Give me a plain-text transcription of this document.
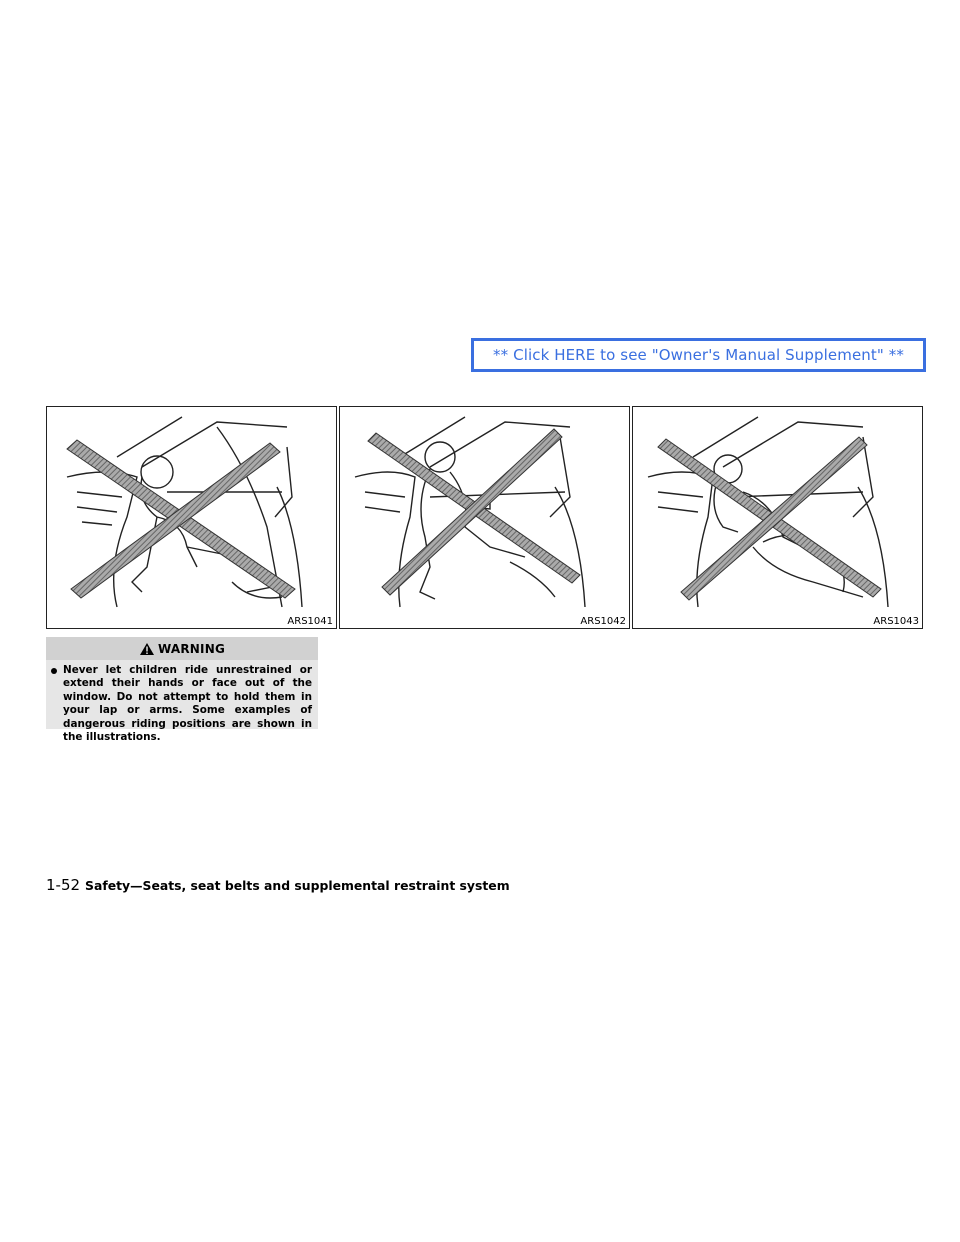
** Click HERE to see "Owner's Manual Supplement" **
ARS1041	ARS1042	ARS1043
WARNING
Never let children ride unrestrained or extend their hands or face out of the window. Do not attempt to hold them in your lap or arms. Some examples of dangerous riding positions are shown in the illustrations.
1-52 Safety—Seats, seat belts and supplemental restraint system
